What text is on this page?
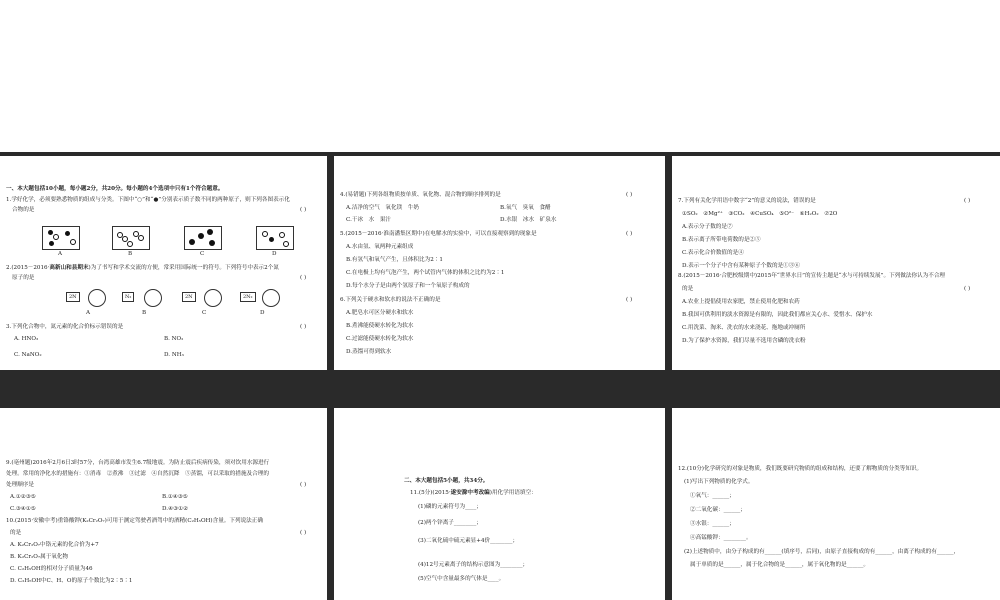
一、本大题包括10小题，每小题2分，共20分。每小题的4个选项中只有1个符合题意。
1.学好化学，必须要熟悉物质的组成与分类。下图中“○”和“●”分别表示质子数不同的两种原子，则下列各图表示化
合物的是	( )
A	B	C	D
2.(2015－2016·高新山和县期末)为了书写和学术交流的方便，常采用国际统一的符号。下列符号中表示2个氮
原子的是	( )
2N	N₂	2N	2N₂
A	B	C	D
3.下列化合物中，氮元素的化合价标示错误的是	( )
A. HNO₃	B. NO₂
C. NaNO₂	D. NH₃
4.(易错题)下列各组物质按单质、氧化物、混合物的顺序排列的是	( )
A.洁净的空气　氧化镁　牛奶	B.氧气　臭氧　食醋
C.干冰　水　果汁	D.水银　冰水　矿泉水
5.(2015－2016·淮南潘集区期中)在电解水的实验中，可以直接观察到的现象是	( )
A.水由氢、氧两种元素组成
B.有氢气和氧气产生，且体积比为2∶1
C.在电极上均有气泡产生，两个试管内气体的体积之比约为2∶1
D.每个水分子是由两个氢原子和一个氧原子构成的
6.下列关于硬水和软水的说法不正确的是	( )
A.肥皂水可区分硬水和软水
B.煮沸能使硬水转化为软水
C.过滤能使硬水转化为软水
D.蒸馏可得到软水
7.下列有关化学用语中数字“2”的意义的说法，错误的是	( )
①SO₂　②Mg²⁺　③CO₂　④CuSO₄　⑤O²⁻　⑥H₂O₂　⑦2O
A.表示分子数的是⑦
B.表示离子所带电荷数的是②⑤
C.表示化合价数值的是④
D.表示一个分子中含有某种原子个数的是①③⑥
8.(2015－2016·合肥校级期中)2015年“世界水日”的宣传主题是“水与可持续发展”。下列做法你认为不合理
的是	( )
A.农业上提倡使用农家肥，禁止使用化肥和农药
B.我国可供利用的淡水资源是有限的，因此我们都应关心水、爱惜水、保护水
C.用洗菜、淘米、洗衣的水来浇花、拖地或冲厕所
D.为了保护水资源，我们尽量不选用含磷的洗衣粉
9.(亳州题)2016年2月6日3时57分，台湾高雄市发生6.7级地震。为防止震后疾病传染，须对饮用水源进行
处理。常用的净化水的措施有：①消毒　②煮沸　③过滤　④自然沉降　⑤蒸馏，可以采取的措施及合理的
处理顺序是	( )
A.①②③⑤	B.①④③⑤
C.③④①⑤	D.④③①②
10.(2015·安徽中考)重铬酸钾(K₂Cr₂O₇)可用于测定驾驶者酒驾中的酒精(C₂H₅OH)含量。下列说法正确
的是	( )
A. K₂Cr₂O₇中铬元素的化合价为+7
B. K₂Cr₂O₇属于氧化物
C. C₂H₅OH的相对分子质量为46
D. C₂H₅OH中C、H、O的原子个数比为2∶5∶1
二、本大题包括5小题，共34分。
11.(5分)(2015·遂安滁中考改编)用化学用语填空：
(1)磷的元素符号为____；
(2)两个锌离子________；
(3)二氧化硫中硫元素显+4价________；
(4)12号元素离子的结构示意图为________；
(5)空气中含量最多的气体是____。
12.(10分)化学研究的对象是物质，我们既要研究物质的组成和结构，还要了解物质的分类等知识。
(1)写出下列物质的化学式。
①氧气：______；
②二氧化碳：______；
③水银：______；
④高锰酸钾：________。
(2)上述物质中，由分子构成的有______(填序号，后同)，由原子直接构成的有______，由离子构成的有______，
属于单质的是______，属于化合物的是______，属于氧化物的是______。
